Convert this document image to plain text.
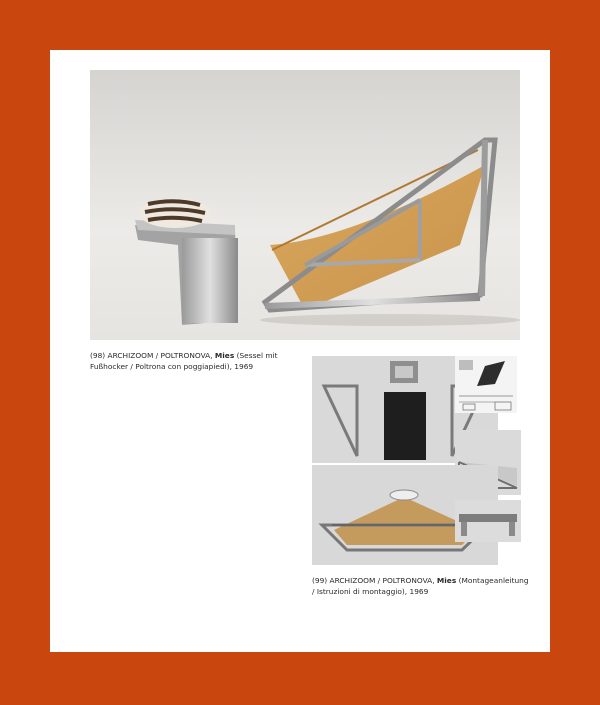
(98) ARCHIZOOM / POLTRONOVA, Mies (Sessel mit
Fußhocker / Poltrona con poggiapiedi), 1969
(99) ARCHIZOOM / POLTRONOVA, Mies (Montageanleitung
/ Istruzioni di montaggio), 1969
